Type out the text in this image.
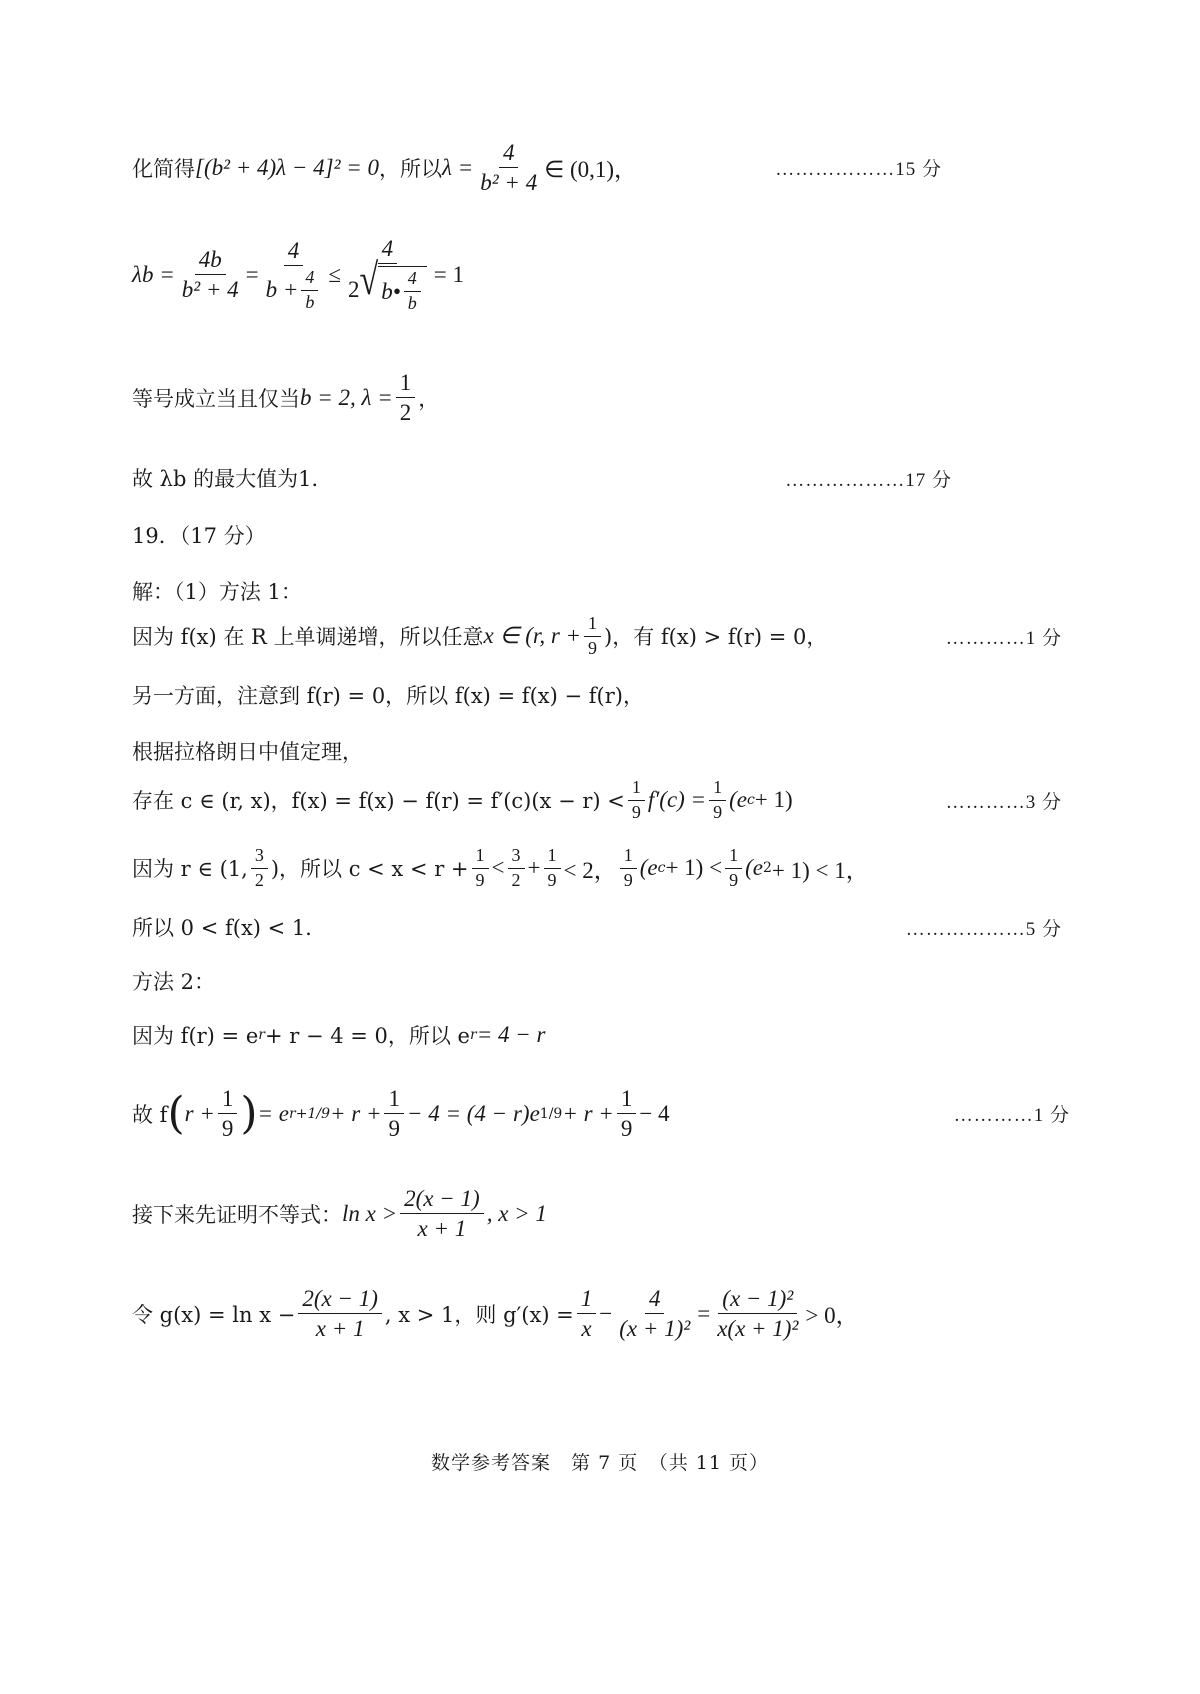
化简得 [(b² + 4)λ − 4]² = 0 ，所以 $\lambda = \frac{4}{\text{b² + 4}}$ ∈ (0,1)，	………………15 分
$\lambda b = \frac{4b}{\text{b² + 4}} = \frac{4}{b + \frac{4}{b}}$ ≤
4
2 √ b• $\frac{4}{b} = 1$
等号成立当且仅当 b = 2, $\lambda = \frac{1}{2}$ ，
故 λb 的最大值为1．	………………17 分
19．（17 分）
解：（1）方法 1：
因为 f(x) 在 R 上单调递增，所以任意 x ∈ (r, $r + \frac{1}{9}$ )，有 f(x) > f(r) = 0，	…………1 分
另一方面，注意到 f(r) = 0，所以 f(x) = f(x) − f(r)，
根据拉格朗日中值定理，
存在 c ∈ (r, x)，$f(x) = f(x) - f(r) = f'(c)(x - r) < \frac{1}{9} f'(c) = \frac{1}{9} (e$ c + 1)	…………3 分
因为 r ∈ (1, $\frac{3}{2}$ )，所以 $c < x < r + \frac{1}{9} < \frac{3}{2} + \frac{1}{9} < 2$， $\frac{1}{9} (e$ $c + 1) < \frac{1}{9} (e$ 2 + 1) < 1，
所以 0 < f(x) < 1．	………………5 分
方法 2：
因为 f(r) = e r + r − 4 = 0，所以 e r = 4 − r
故 f ( $r + \frac{1}{9}$ ) = e $r+1/9 + r + \frac{1}{9} - 4 = (4 - r)e$ $1/9 + r + \frac{1}{9} - 4$	…………1 分
接下来先证明不等式： $\ln x > \frac{2(x - 1)}{x + 1}$ , x > 1
令 $g(x) = \ln x - \frac{2(x - 1)}{x + 1}$ , x > 1，则 $g'(x) = \frac{1}{x} - \frac{4}{\text{(x + 1)²}} = \frac{\text{(x − 1)²}}{\text{x(x + 1)²}} > 0$，
数学参考答案　第 7 页　（共 11 页）
